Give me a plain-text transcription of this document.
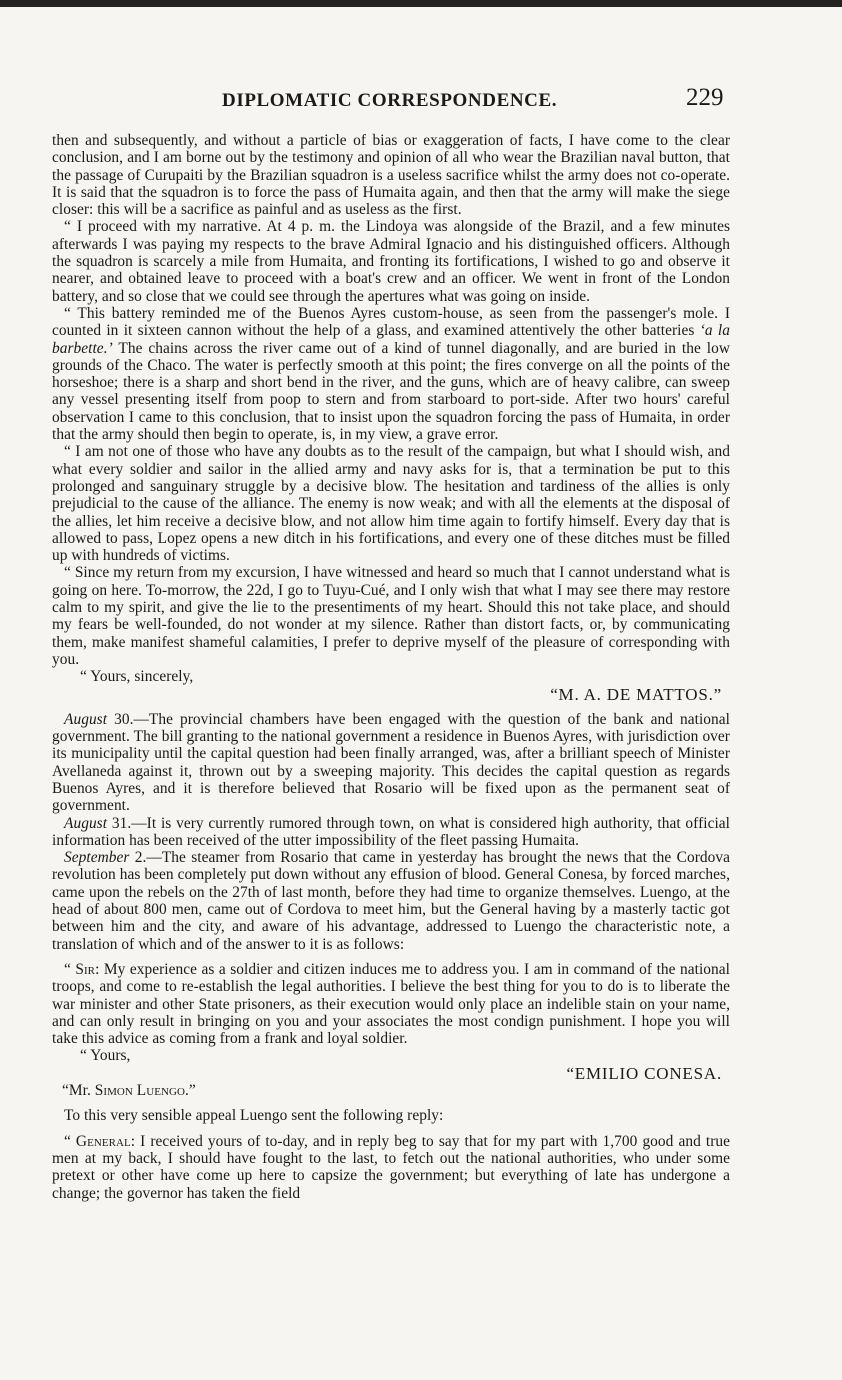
DIPLOMATIC CORRESPONDENCE.	229

then and subsequently, and without a particle of bias or exaggeration of facts, I have come to the clear conclusion, and I am borne out by the testimony and opinion of all who wear the Brazilian naval button, that the passage of Curupaiti by the Brazilian squadron is a useless sacrifice whilst the army does not co-operate. It is said that the squadron is to force the pass of Humaita again, and then that the army will make the siege closer: this will be a sacrifice as painful and as useless as the first.

“ I proceed with my narrative. At 4 p. m. the Lindoya was alongside of the Brazil, and a few minutes afterwards I was paying my respects to the brave Admiral Ignacio and his distinguished officers. Although the squadron is scarcely a mile from Humaita, and fronting its fortifications, I wished to go and observe it nearer, and obtained leave to proceed with a boat's crew and an officer. We went in front of the London battery, and so close that we could see through the apertures what was going on inside.

“ This battery reminded me of the Buenos Ayres custom-house, as seen from the passenger's mole. I counted in it sixteen cannon without the help of a glass, and examined attentively the other batteries ‘a la barbette.’ The chains across the river came out of a kind of tunnel diagonally, and are buried in the low grounds of the Chaco. The water is perfectly smooth at this point; the fires converge on all the points of the horseshoe; there is a sharp and short bend in the river, and the guns, which are of heavy calibre, can sweep any vessel presenting itself from poop to stern and from starboard to port-side. After two hours' careful observation I came to this conclusion, that to insist upon the squadron forcing the pass of Humaita, in order that the army should then begin to operate, is, in my view, a grave error.

“ I am not one of those who have any doubts as to the result of the campaign, but what I should wish, and what every soldier and sailor in the allied army and navy asks for is, that a termination be put to this prolonged and sanguinary struggle by a decisive blow. The hesitation and tardiness of the allies is only prejudicial to the cause of the alliance. The enemy is now weak; and with all the elements at the disposal of the allies, let him receive a decisive blow, and not allow him time again to fortify himself. Every day that is allowed to pass, Lopez opens a new ditch in his fortifications, and every one of these ditches must be filled up with hundreds of victims.

“ Since my return from my excursion, I have witnessed and heard so much that I cannot understand what is going on here. To-morrow, the 22d, I go to Tuyu-Cué, and I only wish that what I may see there may restore calm to my spirit, and give the lie to the presentiments of my heart. Should this not take place, and should my fears be well-founded, do not wonder at my silence. Rather than distort facts, or, by communicating them, make manifest shameful calamities, I prefer to deprive myself of the pleasure of corresponding with you.

“ Yours, sincerely,

“M. A. DE MATTOS.”

August 30.—The provincial chambers have been engaged with the question of the bank and national government. The bill granting to the national government a residence in Buenos Ayres, with jurisdiction over its municipality until the capital question had been finally arranged, was, after a brilliant speech of Minister Avellaneda against it, thrown out by a sweeping majority. This decides the capital question as regards Buenos Ayres, and it is therefore believed that Rosario will be fixed upon as the permanent seat of government.

August 31.—It is very currently rumored through town, on what is considered high authority, that official information has been received of the utter impossibility of the fleet passing Humaita.

September 2.—The steamer from Rosario that came in yesterday has brought the news that the Cordova revolution has been completely put down without any effusion of blood. General Conesa, by forced marches, came upon the rebels on the 27th of last month, before they had time to organize themselves. Luengo, at the head of about 800 men, came out of Cordova to meet him, but the General having by a masterly tactic got between him and the city, and aware of his advantage, addressed to Luengo the characteristic note, a translation of which and of the answer to it is as follows:

“ Sir: My experience as a soldier and citizen induces me to address you. I am in command of the national troops, and come to re-establish the legal authorities. I believe the best thing for you to do is to liberate the war minister and other State prisoners, as their execution would only place an indelible stain on your name, and can only result in bringing on you and your associates the most condign punishment. I hope you will take this advice as coming from a frank and loyal soldier.

“ Yours,

“EMILIO CONESA.

“Mr. Simon Luengo.”

To this very sensible appeal Luengo sent the following reply:

“ General: I received yours of to-day, and in reply beg to say that for my part with 1,700 good and true men at my back, I should have fought to the last, to fetch out the national authorities, who under some pretext or other have come up here to capsize the government; but everything of late has undergone a change; the governor has taken the field
